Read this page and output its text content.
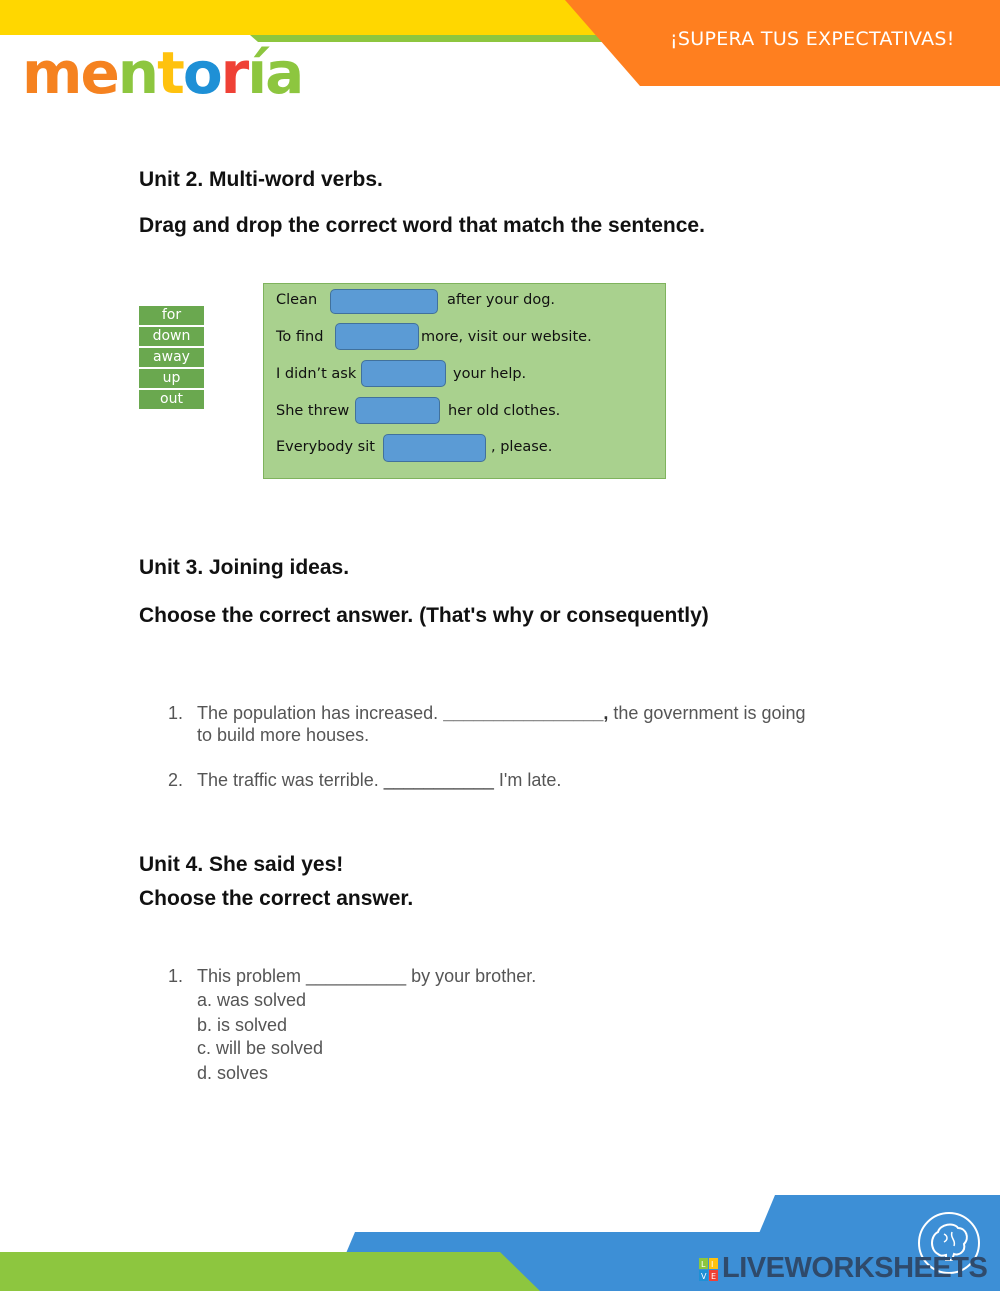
¡SUPERA TUS EXPECTATIVAS!
mentoría
Unit 2. Multi-word verbs.
Drag and drop the correct word that match the sentence.
for
down
away
up
out
Clean	after your dog.
To find	more, visit our website.
I didn’t ask	your help.
She threw	her old clothes.
Everybody sit	, please.
Unit 3. Joining ideas.
Choose the correct answer. (That's why or consequently)
1. The population has increased. ________________, the government is going
to build more houses.
2. The traffic was terrible. ___________ I'm late.
Unit 4. She said yes!
Choose the correct answer.
1. This problem __________ by your brother.
a. was solved
b. is solved
c. will be solved
d. solves
L I
V E LIVEWORKSHEETS
